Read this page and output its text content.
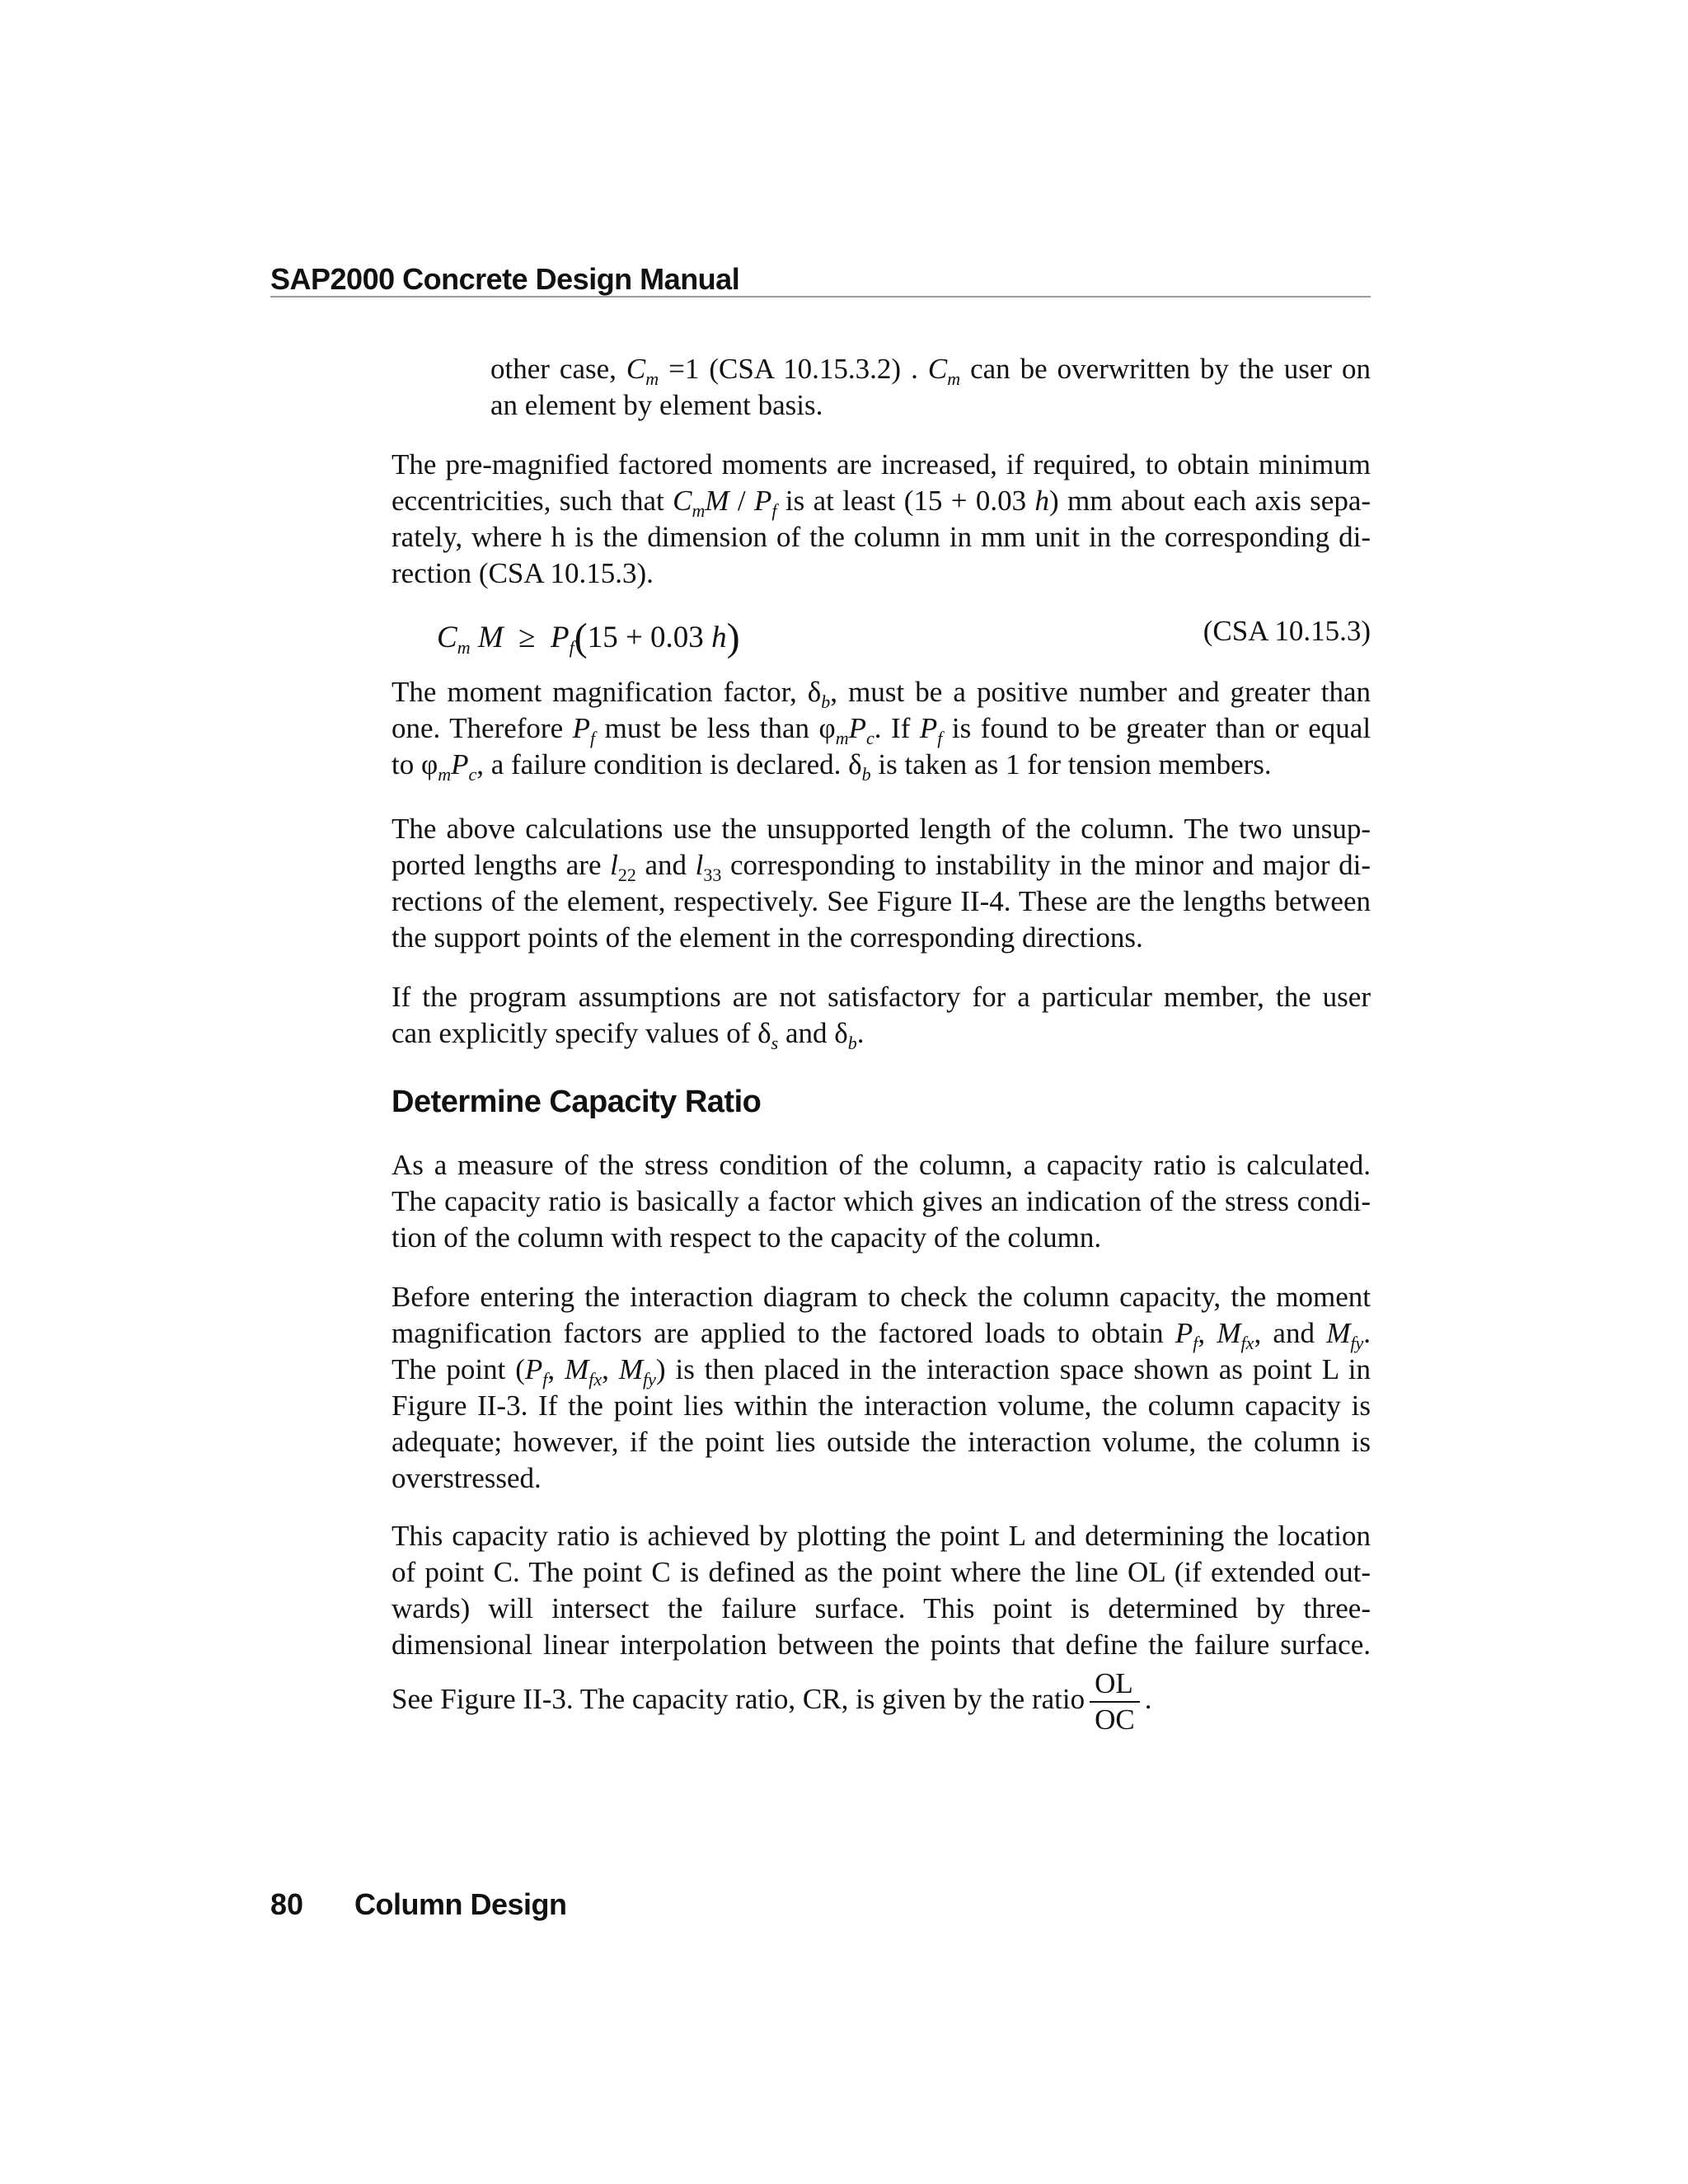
SAP2000 Concrete Design Manual
other case, $C_m =1$ (CSA 10.15.3.2) . $C_m$ can be overwritten by the user on
an element by element basis.
The pre-magnified factored moments are increased, if required, to obtain minimum
eccentricities, such that $C_mM / P_f$ is at least (15 + 0.03 h) mm about each axis sepa-
rately, where h is the dimension of the column in mm unit in the corresponding di-
rection (CSA 10.15.3).
$C_m$ $M \ge P_f(15 + 0.03$ h)	(CSA 10.15.3)
The moment magnification factor, $\delta_b$, must be a positive number and greater than
one. Therefore $P_f$ must be less than $\varphi_mP_c$. If $P_f$ is found to be greater than or equal
to $\varphi_mP_c$, a failure condition is declared. $\delta_b$ is taken as 1 for tension members.
The above calculations use the unsupported length of the column. The two unsup-
ported lengths are $l_{22}$ and $l_{33}$ corresponding to instability in the minor and major di-
rections of the element, respectively. See Figure II-4. These are the lengths between
the support points of the element in the corresponding directions.
If the program assumptions are not satisfactory for a particular member, the user
can explicitly specify values of $\delta_s$ and $\delta_b$.
Determine Capacity Ratio
As a measure of the stress condition of the column, a capacity ratio is calculated.
The capacity ratio is basically a factor which gives an indication of the stress condi-
tion of the column with respect to the capacity of the column.
Before entering the interaction diagram to check the column capacity, the moment
magnification factors are applied to the factored loads to obtain $P_f$, $M_{fx}$, and $M_{fy}$.
The point ($P_f$, $M_{fx}$, $M_{fy}$) is then placed in the interaction space shown as point L in
Figure II-3. If the point lies within the interaction volume, the column capacity is
adequate; however, if the point lies outside the interaction volume, the column is
overstressed.
This capacity ratio is achieved by plotting the point L and determining the location
of point C. The point C is defined as the point where the line OL (if extended out-
wards) will intersect the failure surface. This point is determined by three-
dimensional linear interpolation between the points that define the failure surface.
See Figure II-3. The capacity ratio, CR, is given by the ratio $\frac{OL}{OC}$ .
80 Column Design
